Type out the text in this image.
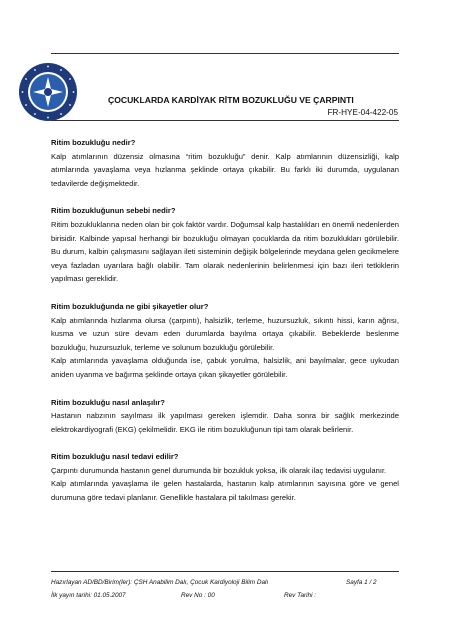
ÇOCUKLARDA KARDİYAK RİTM BOZUKLUĞU VE ÇARPINTI
FR-HYE-04-422-05
Ritim bozukluğu nedir?

Kalp atımlarının düzensiz olmasına “ritim bozukluğu” denir. Kalp atımlarının düzensizliği, kalp atımlarında yavaşlama veya hızlanma şeklinde ortaya çıkabilir. Bu farklı iki durumda, uygulanan tedavilerde değişmektedir.

Ritim bozukluğunun sebebi nedir?

Ritim bozukluklarına neden olan bir çok faktör vardır. Doğumsal kalp hastalıkları en önemli nedenlerden birisidir. Kalbinde yapısal herhangi bir bozukluğu olmayan çocuklarda da ritim bozuklukları görülebilir. Bu durum, kalbin çalışmasını sağlayan ileti sisteminin değişik bölgelerinde meydana gelen gecikmelere veya fazladan uyarılara bağlı olabilir. Tam olarak nedenlerinin belirlenmesi için bazı ileri tetkiklerin yapılması gereklidir.

Ritim bozukluğunda ne gibi şikayetler olur?

Kalp atımlarında hızlanma olursa (çarpıntı), halsizlik, terleme, huzursuzluk, sıkıntı hissi, karın ağrısı, kusma ve uzun süre devam eden durumlarda bayılma ortaya çıkabilir. Bebeklerde beslenme bozukluğu, huzursuzluk, terleme ve solunum bozukluğu görülebilir.

Kalp atımlarında yavaşlama olduğunda ise, çabuk yorulma, halsizlik, ani bayılmalar, gece uykudan aniden uyanma ve bağırma şeklinde ortaya çıkan şikayetler görülebilir.

Ritim bozukluğu nasıl anlaşılır?

Hastanın nabzının sayılması ilk yapılması gereken işlemdir. Daha sonra bir sağlık merkezinde elektrokardiyografi (EKG) çekilmelidir. EKG ile ritim bozukluğunun tipi tam olarak belirlenir.

Ritim bozukluğu nasıl tedavi edilir?

Çarpıntı durumunda hastanın genel durumunda bir bozukluk yoksa, ilk olarak ilaç tedavisi uygulanır.

Kalp atımlarında yavaşlama ile gelen hastalarda, hastanın kalp atımlarının sayısına göre ve genel durumuna göre tedavi planlanır. Genellikle hastalara pil takılması gerekir.

Hazırlayan AD/BD/Birim(ler): ÇSH Anabilim Dalı, Çocuk Kardiyoloji Bilim Dalı	Sayfa 1 / 2
İlk yayın tarihi: 01.05.2007	Rev No : 00	Rev Tarihi :
